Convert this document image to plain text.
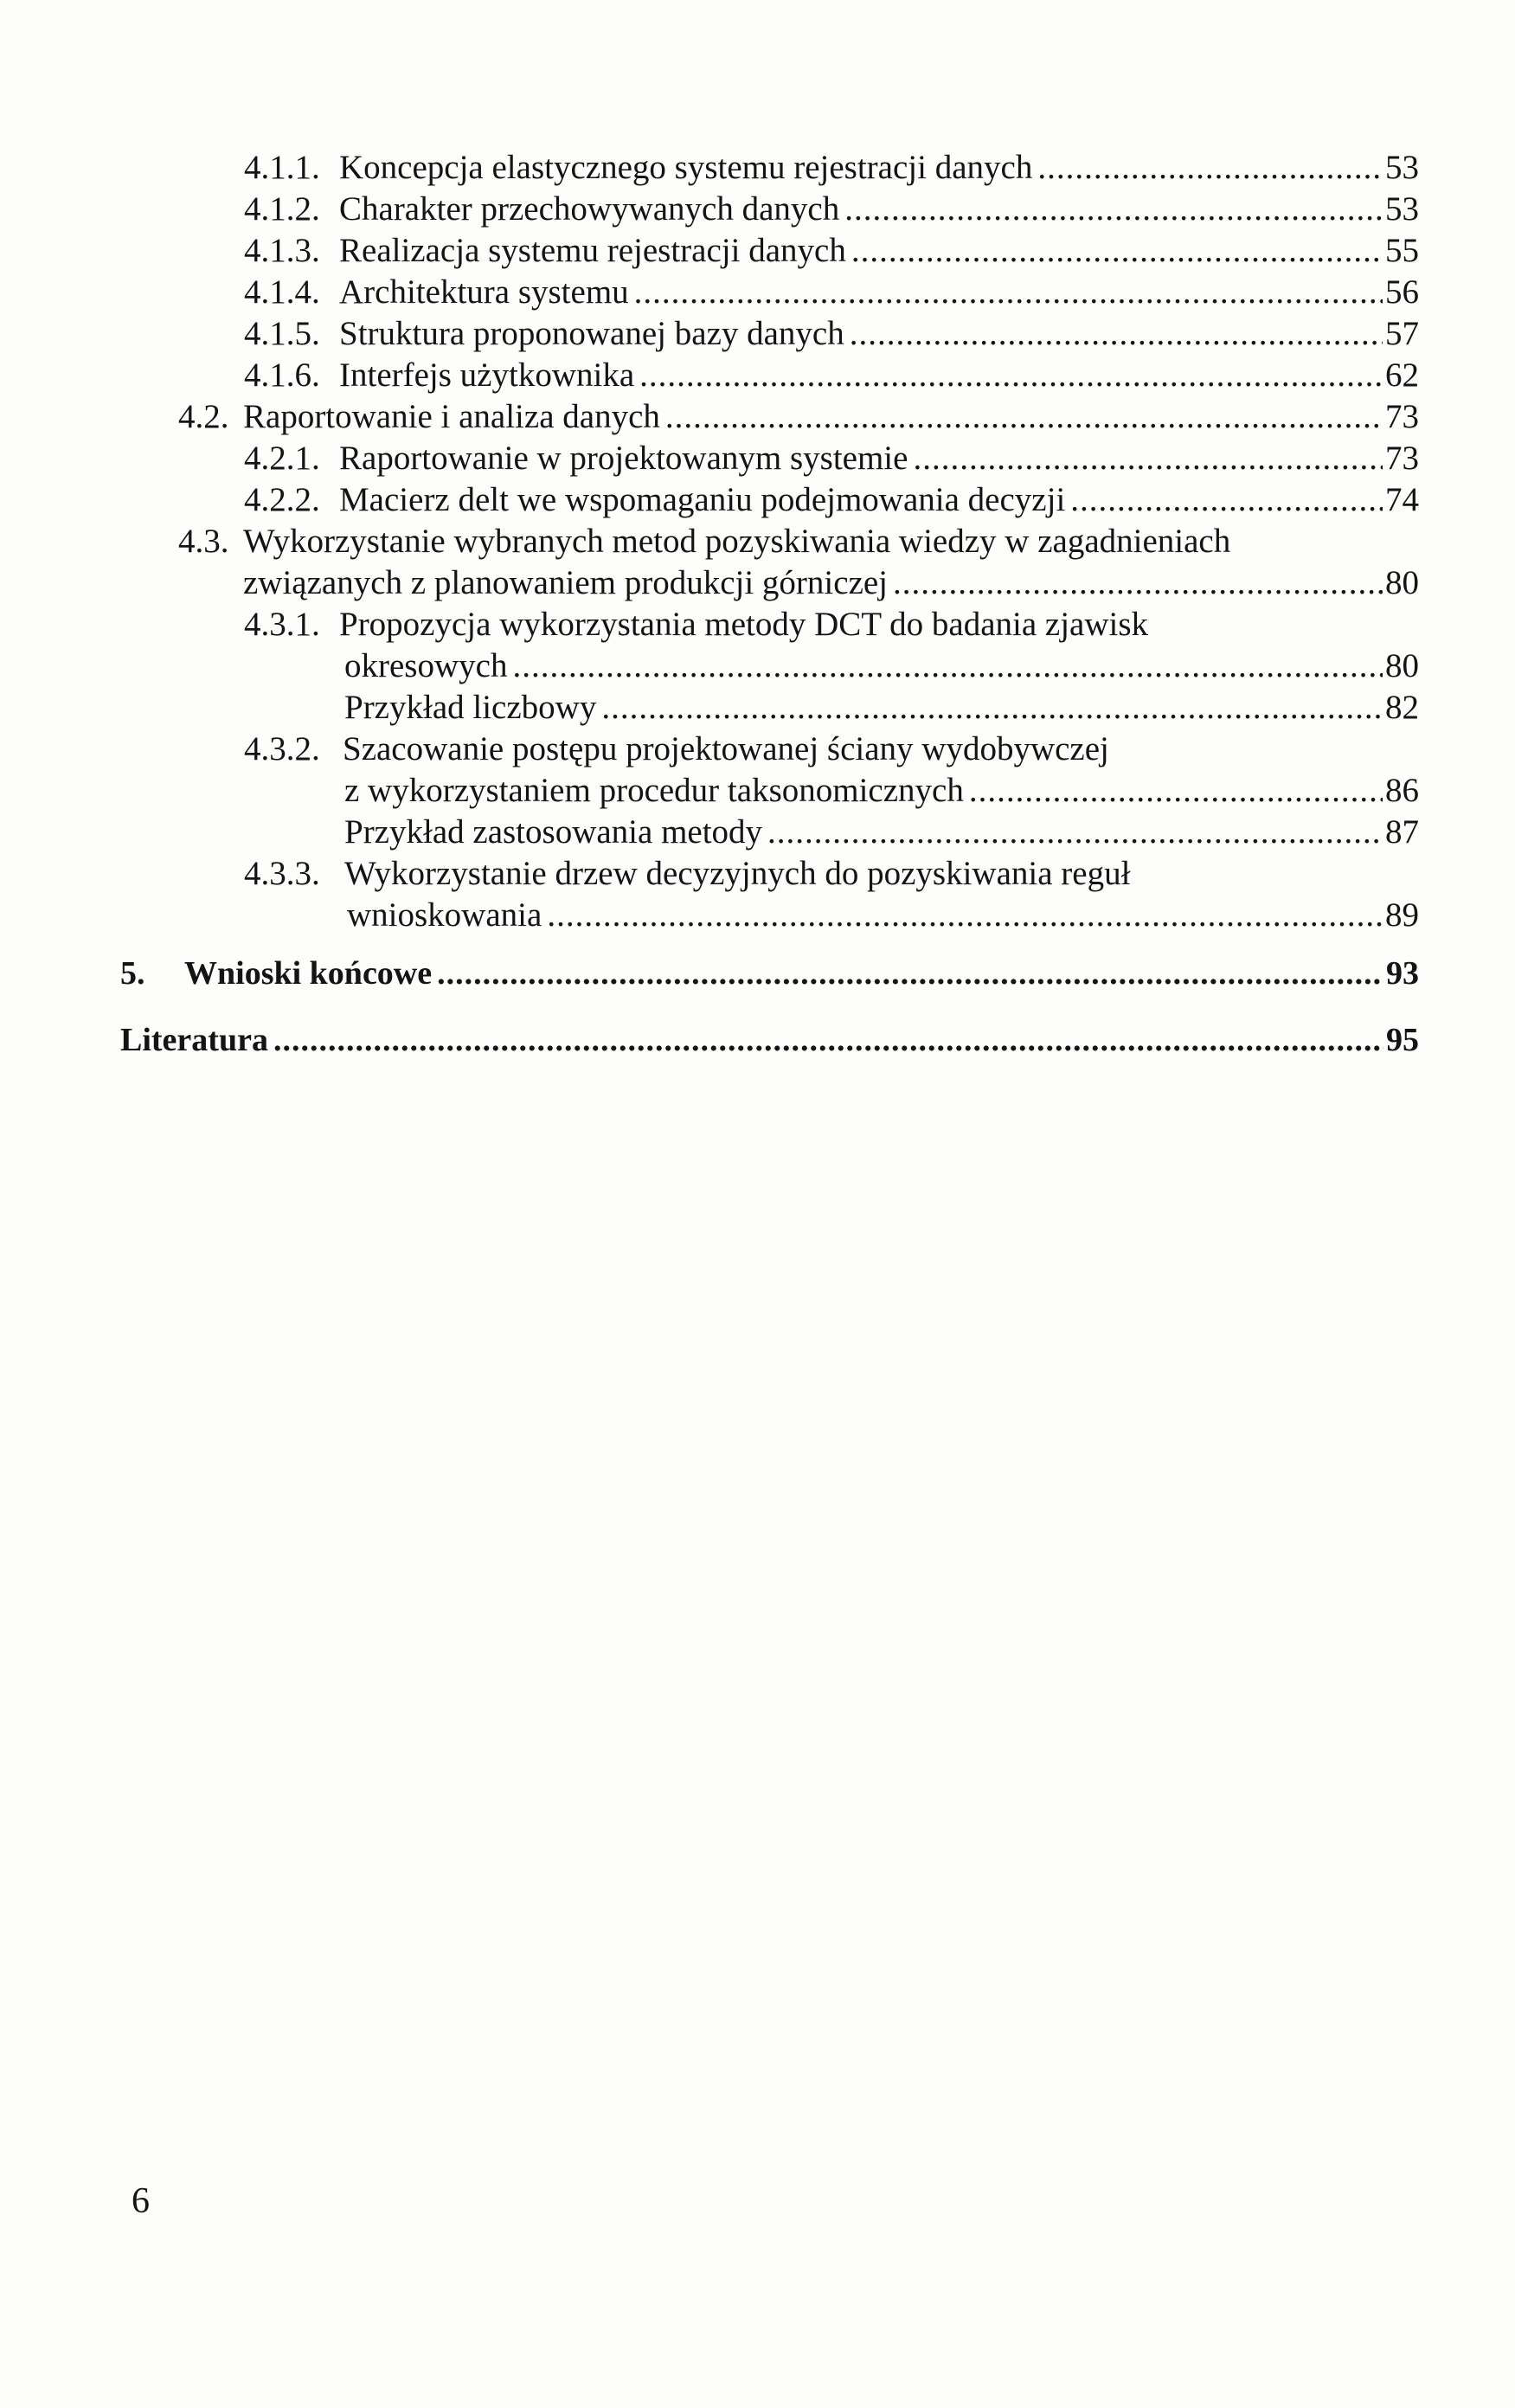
4.1.1. Koncepcja elastycznego systemu rejestracji danych .....	53
4.1.2. Charakter przechowywanych danych .....	53
4.1.3. Realizacja systemu rejestracji danych .....	55
4.1.4. Architektura systemu .....	56
4.1.5. Struktura proponowanej bazy danych .....	57
4.1.6. Interfejs użytkownika .....	62
4.2. Raportowanie i analiza danych .....	73
4.2.1. Raportowanie w projektowanym systemie .....	73
4.2.2. Macierz delt we wspomaganiu podejmowania decyzji .....	74
4.3. Wykorzystanie wybranych metod pozyskiwania wiedzy w zagadnieniach
związanych z planowaniem produkcji górniczej .....	80
4.3.1. Propozycja wykorzystania metody DCT do badania zjawisk
okresowych .....	80
Przykład liczbowy .....	82
4.3.2. Szacowanie postępu projektowanej ściany wydobywczej
z wykorzystaniem procedur taksonomicznych .....	86
Przykład zastosowania metody .....	87
4.3.3. Wykorzystanie drzew decyzyjnych do pozyskiwania reguł
wnioskowania .....	89
5.	Wnioski końcowe .....	93
Literatura .....	95
6
